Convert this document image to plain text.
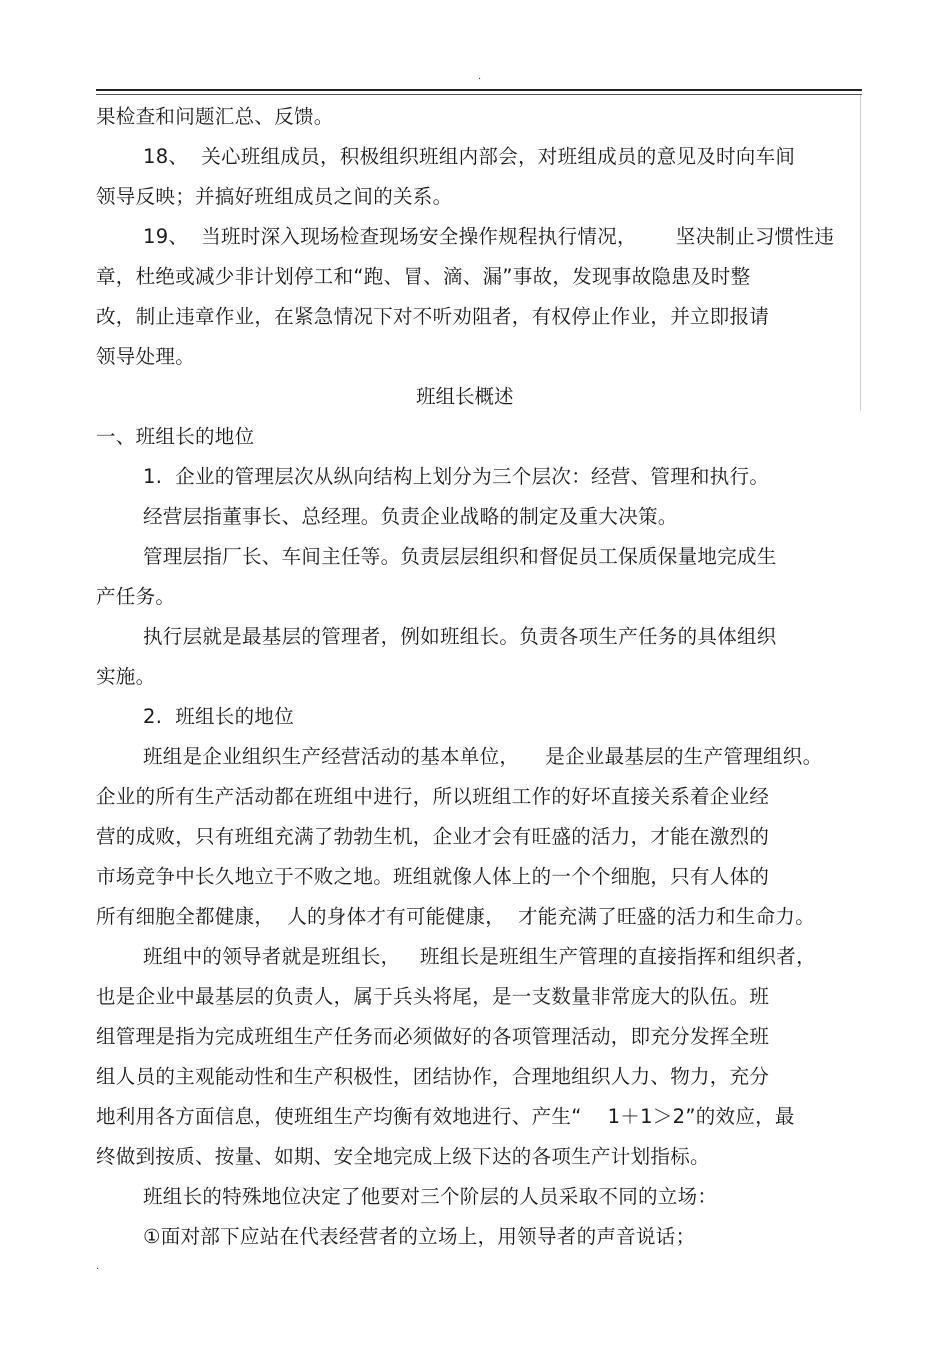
.
果检查和问题汇总、反馈。
18、  关心班组成员，积极组织班组内部会，对班组成员的意见及时向车间
领导反映；并搞好班组成员之间的关系。
19、  当班时深入现场检查现场安全操作规程执行情况，      坚决制止习惯性违
章，杜绝或减少非计划停工和“跑、冒、滴、漏”事故，发现事故隐患及时整
改，制止违章作业，在紧急情况下对不听劝阻者，有权停止作业，并立即报请
领导处理。
班组长概述
一、班组长的地位
1.  企业的管理层次从纵向结构上划分为三个层次：经营、管理和执行。
经营层指董事长、总经理。负责企业战略的制定及重大决策。
管理层指厂长、车间主任等。负责层层组织和督促员工保质保量地完成生
产任务。
执行层就是最基层的管理者，例如班组长。负责各项生产任务的具体组织
实施。
2.  班组长的地位
班组是企业组织生产经营活动的基本单位，    是企业最基层的生产管理组织。
企业的所有生产活动都在班组中进行，所以班组工作的好坏直接关系着企业经
营的成败，只有班组充满了勃勃生机，企业才会有旺盛的活力，才能在激烈的
市场竞争中长久地立于不败之地。班组就像人体上的一个个细胞，只有人体的
所有细胞全都健康，  人的身体才有可能健康，  才能充满了旺盛的活力和生命力。
班组中的领导者就是班组长，   班组长是班组生产管理的直接指挥和组织者，
也是企业中最基层的负责人，属于兵头将尾，是一支数量非常庞大的队伍。班
组管理是指为完成班组生产任务而必须做好的各项管理活动，即充分发挥全班
组人员的主观能动性和生产积极性，团结协作，合理地组织人力、物力，充分
地利用各方面信息，使班组生产均衡有效地进行、产生“    1＋1＞2”的效应，最
终做到按质、按量、如期、安全地完成上级下达的各项生产计划指标。
班组长的特殊地位决定了他要对三个阶层的人员采取不同的立场：
①面对部下应站在代表经营者的立场上，用领导者的声音说话；
.
